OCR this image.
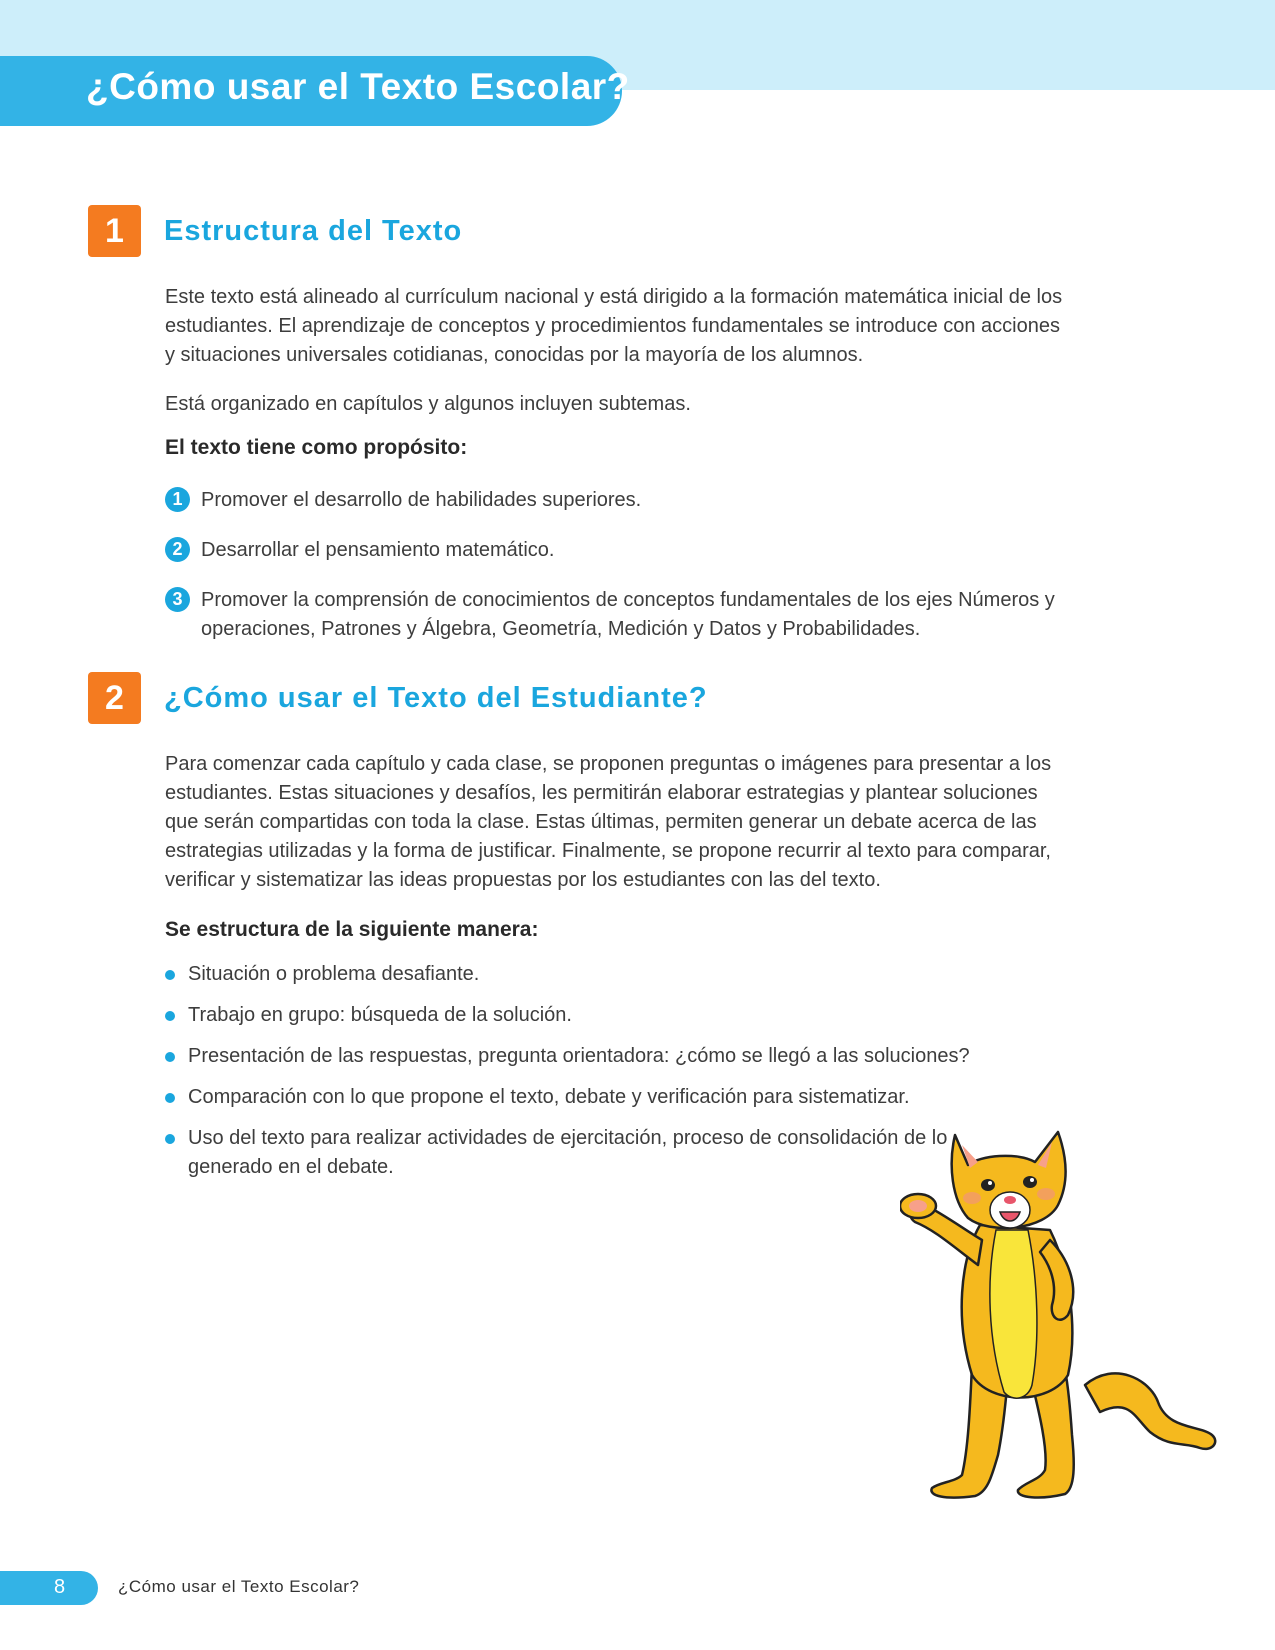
¿Cómo usar el Texto Escolar?
1	Estructura del Texto

Este texto está alineado al currículum nacional y está dirigido a la formación matemática inicial de los estudiantes. El aprendizaje de conceptos y procedimientos fundamentales se introduce con acciones y situaciones universales cotidianas, conocidas por la mayoría de los alumnos.

Está organizado en capítulos y algunos incluyen subtemas.

El texto tiene como propósito:

1 Promover el desarrollo de habilidades superiores.
2 Desarrollar el pensamiento matemático.
3 Promover la comprensión de conocimientos de conceptos fundamentales de los ejes Números y operaciones, Patrones y Álgebra, Geometría, Medición y Datos y Probabilidades.
2	¿Cómo usar el Texto del Estudiante?

Para comenzar cada capítulo y cada clase, se proponen preguntas o imágenes para presentar a los estudiantes. Estas situaciones y desafíos, les permitirán elaborar estrategias y plantear soluciones que serán compartidas con toda la clase. Estas últimas, permiten generar un debate acerca de las estrategias utilizadas y la forma de justificar. Finalmente, se propone recurrir al texto para comparar, verificar y sistematizar las ideas propuestas por los estudiantes con las del texto.

Se estructura de la siguiente manera:

Situación o problema desafiante.
Trabajo en grupo: búsqueda de la solución.
Presentación de las respuestas, pregunta orientadora: ¿cómo se llegó a las soluciones?
Comparación con lo que propone el texto, debate y verificación para sistematizar.
Uso del texto para realizar actividades de ejercitación, proceso de consolidación de lo generado en el debate.

8	¿Cómo usar el Texto Escolar?
